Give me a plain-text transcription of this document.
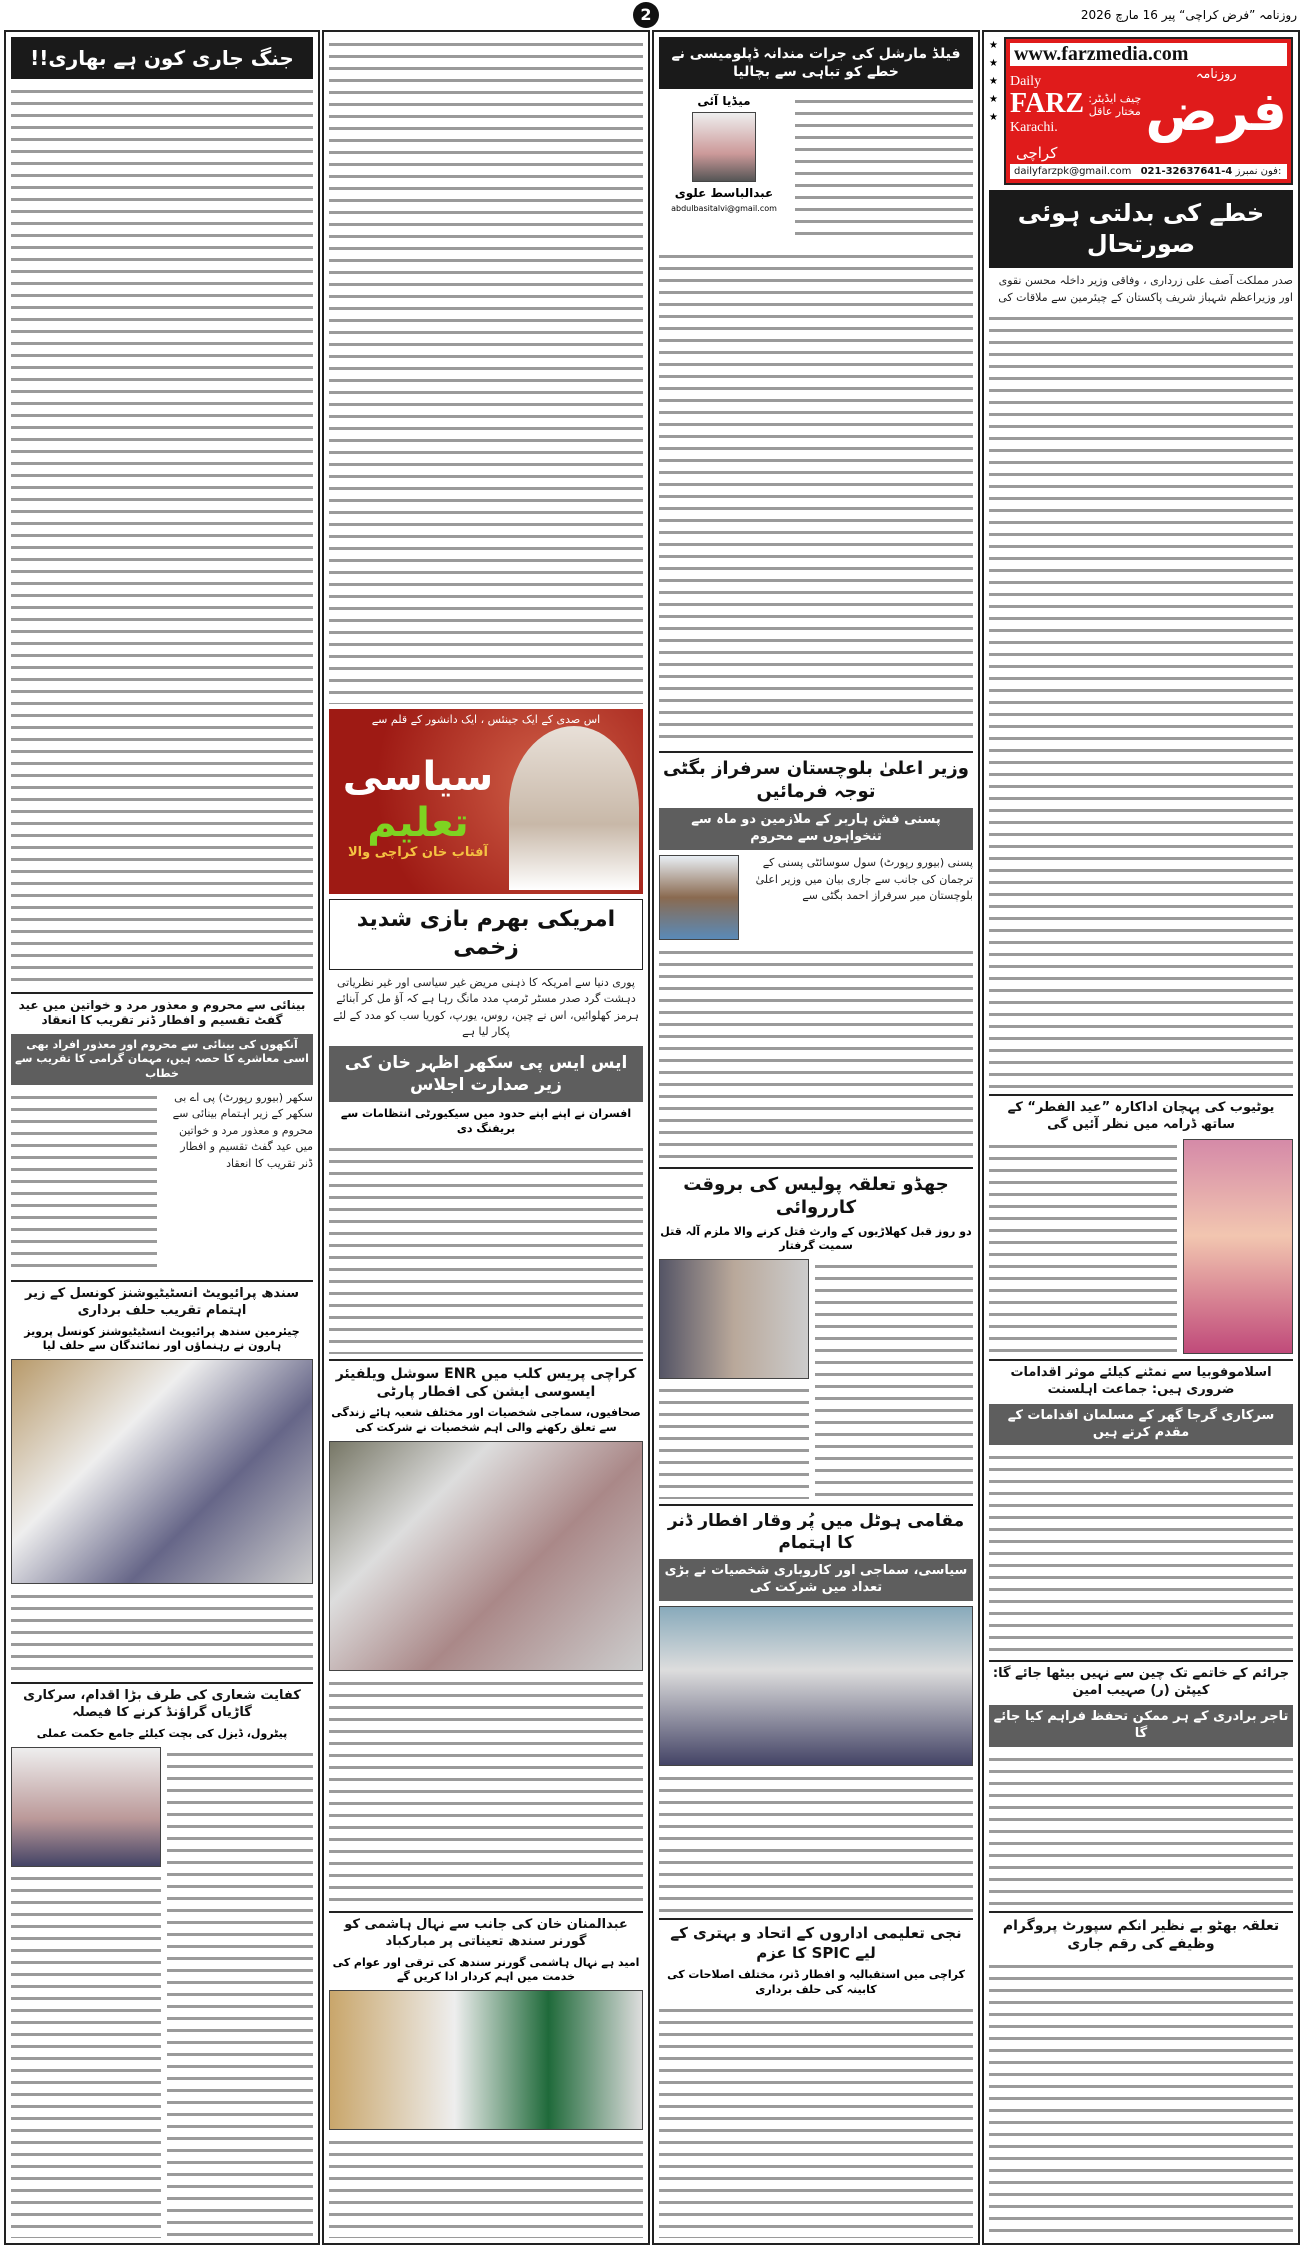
2	روزنامہ ”فرض کراچی“ پیر 16 مارچ 2026
www.farzmedia.com
Daily
FARZ
Karachi.
چیف ایڈیٹر:
مختار عاقل
روزنامہ
فرض
کراچی
dailyfarzpk@gmail.com 021-32637641-4 فون نمبرز:
★
★
★
★
★
خطے کی بدلتی ہوئی صورتحال
صدر مملکت آصف علی زرداری ، وفاقی وزیر داخلہ محسن نقوی اور وزیراعظم شہباز شریف پاکستان کے چیئرمین سے ملاقات کی
یوٹیوب کی پہچان اداکارہ ”عید الفطر“ کے ساتھ ڈرامہ میں نظر آئیں گی
اسلاموفوبیا سے نمٹنے کیلئے موثر اقدامات ضروری ہیں: جماعت اہلسنت
سرکاری گرجا گھر کے مسلمان اقدامات کے مقدم کرتے ہیں
جرائم کے خاتمے تک چین سے نہیں بیٹھا جائے گا: کیپٹن (ر) صہیب امین
تاجر برادری کے ہر ممکن تحفظ فراہم کیا جائے گا
تعلقہ بھٹو بے نظیر انکم سپورٹ پروگرام وظیفے کی رقم جاری
فیلڈ مارشل کی جرات مندانہ ڈپلومیسی نے خطے کو تباہی سے بچالیا
میڈیا آئی
عبدالباسط علوی
abdulbasitalvi@gmail.com
وزیر اعلیٰ بلوچستان سرفراز بگٹی توجہ فرمائیں
پسنی فش ہاربر کے ملازمین دو ماہ سے تنخواہوں سے محروم
پسنی (بیورو رپورٹ) سول سوسائٹی پسنی کے ترجمان کی جانب سے جاری بیان میں وزیر اعلیٰ بلوچستان میر سرفراز احمد بگٹی سے
جھڈو تعلقہ پولیس کی بروقت کارروائی
دو روز قبل کھلاڑیوں کے وارث قتل کرنے والا ملزم آلہ قتل سمیت گرفتار
مقامی ہوٹل میں پُر وقار افطار ڈنر کا اہتمام
سیاسی، سماجی اور کاروباری شخصیات نے بڑی تعداد میں شرکت کی
نجی تعلیمی اداروں کے اتحاد و بہتری کے لیے SPIC کا عزم
کراچی میں استقبالیہ و افطار ڈنر، مختلف اصلاحات کی کابینہ کی حلف برداری
اس صدی کے ایک جینئس ، ایک دانشور کے قلم سے
سیاسی
تعلیم
آفتاب خان کراچی والا
امریکی بھرم بازی شدید زخمی
پوری دنیا سے امریکہ کا ذہنی مریض غیر سیاسی اور غیر نظریاتی دہشت گرد صدر مسٹر ٹرمپ مدد مانگ رہا ہے کہ آؤ مل کر آبنائے ہرمز کھلوائیں، اس نے چین، روس، یورپ، کوریا سب کو مدد کے لئے پکار لیا ہے
ایس ایس پی سکھر اظہر خان کی زیر صدارت اجلاس
افسران نے اپنے اپنے حدود میں سیکیورٹی انتظامات سے بریفنگ دی
کراچی پریس کلب میں ENR سوشل ویلفیئر ایسوسی ایشن کی افطار پارٹی
صحافیوں، سماجی شخصیات اور مختلف شعبہ ہائے زندگی سے تعلق رکھنے والی اہم شخصیات نے شرکت کی
عبدالمنان خان کی جانب سے نہال ہاشمی کو گورنر سندھ تعیناتی پر مبارکباد
امید ہے نہال ہاشمی گورنر سندھ کی ترقی اور عوام کی خدمت میں اہم کردار ادا کریں گے
جنگ جاری کون ہے بھاری!!
بینائی سے محروم و معذور مرد و خواتین میں عید گفٹ تقسیم و افطار ڈنر تقریب کا انعقاد
آنکھوں کی بینائی سے محروم اور معذور افراد بھی اسی معاشرے کا حصہ ہیں، مہمان گرامی کا تقریب سے خطاب
سکھر (بیورو رپورٹ) پی اے بی سکھر کے زیر اہتمام بینائی سے محروم و معذور مرد و خواتین میں عید گفٹ تقسیم و افطار ڈنر تقریب کا انعقاد
سندھ پرائیویٹ انسٹیٹیوشنز کونسل کے زیر اہتمام تقریب حلف برداری
چیئرمین سندھ پرائیویٹ انسٹیٹیوشنز کونسل پرویز ہارون نے رہنماؤں اور نمائندگان سے حلف لیا
کفایت شعاری کی طرف بڑا اقدام، سرکاری گاڑیاں گراؤنڈ کرنے کا فیصلہ
پیٹرول، ڈیزل کی بچت کیلئے جامع حکمت عملی
